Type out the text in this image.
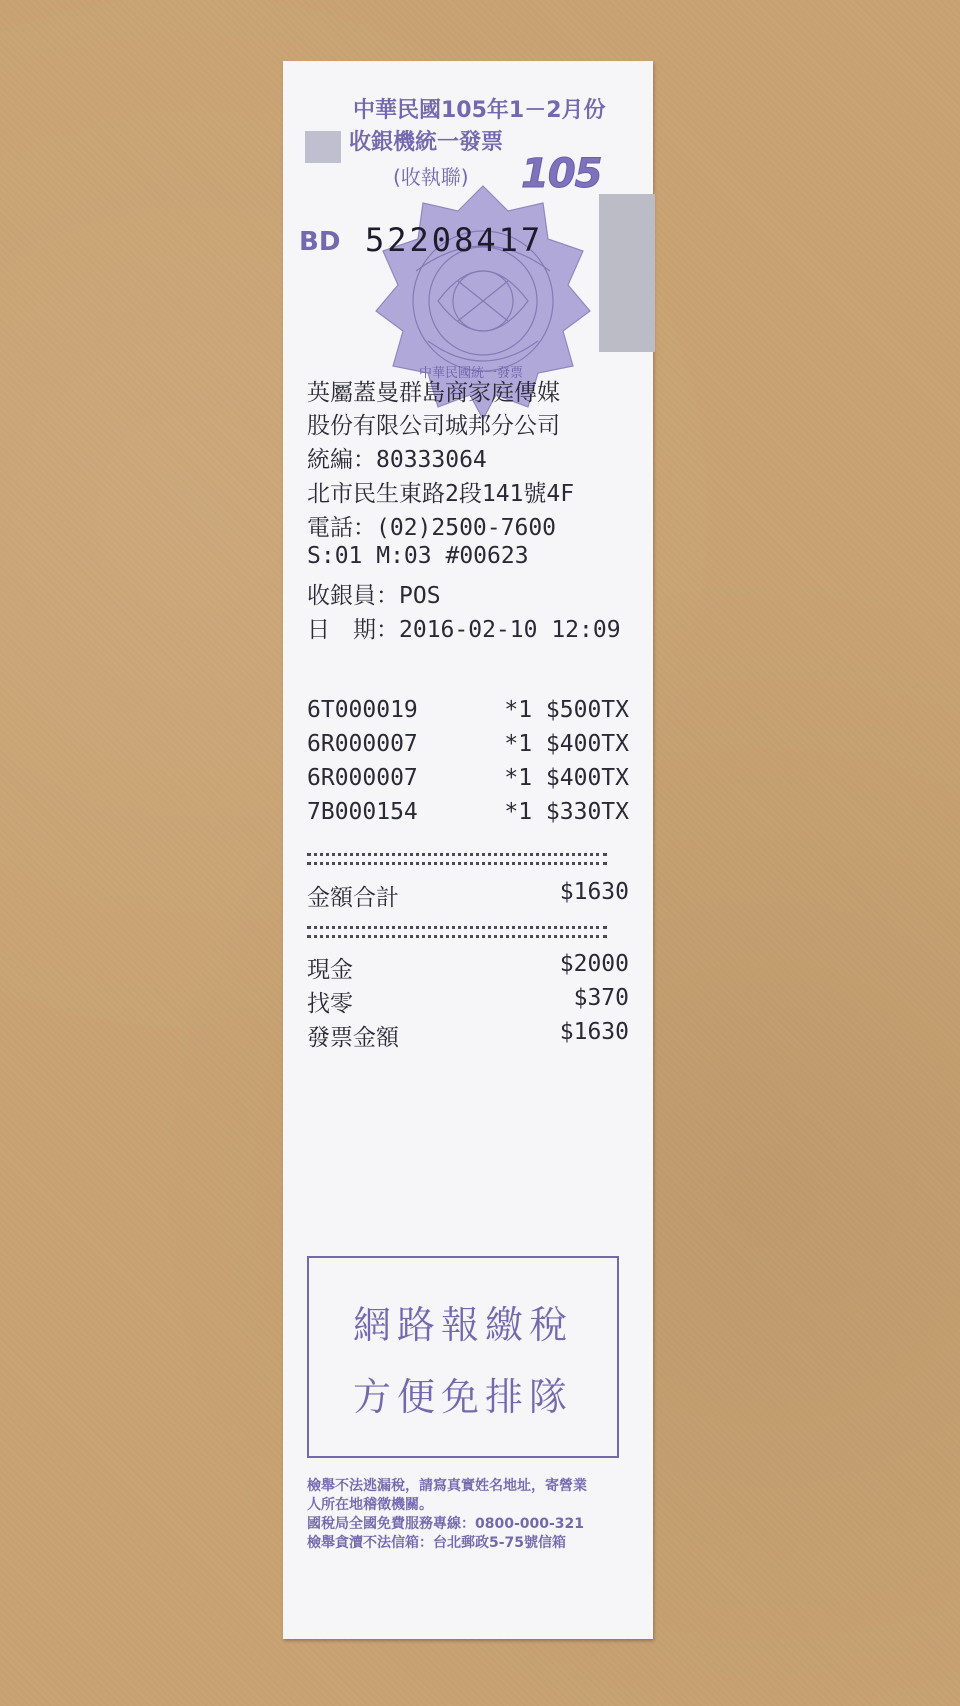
中華民國105年1－2月份
收銀機統一發票
(收執聯)	105
中華民國統一發票
BD 52208417
英屬蓋曼群島商家庭傳媒
股份有限公司城邦分公司
統編：80333064
北市民生東路2段141號4F
電話：(02)2500-7600
S:01 M:03 #00623
收銀員：POS
日　期：2016-02-10 12:09
6T000019	*1 $500TX
6R000007	*1 $400TX
6R000007	*1 $400TX
7B000154	*1 $330TX
金額合計	$1630
現金	$2000
找零	$370
發票金額	$1630
網路報繳稅
方便免排隊
檢舉不法逃漏稅，請寫真實姓名地址，寄營業
人所在地稽徵機關。
國稅局全國免費服務專線：0800-000-321
檢舉貪瀆不法信箱：台北郵政5-75號信箱
